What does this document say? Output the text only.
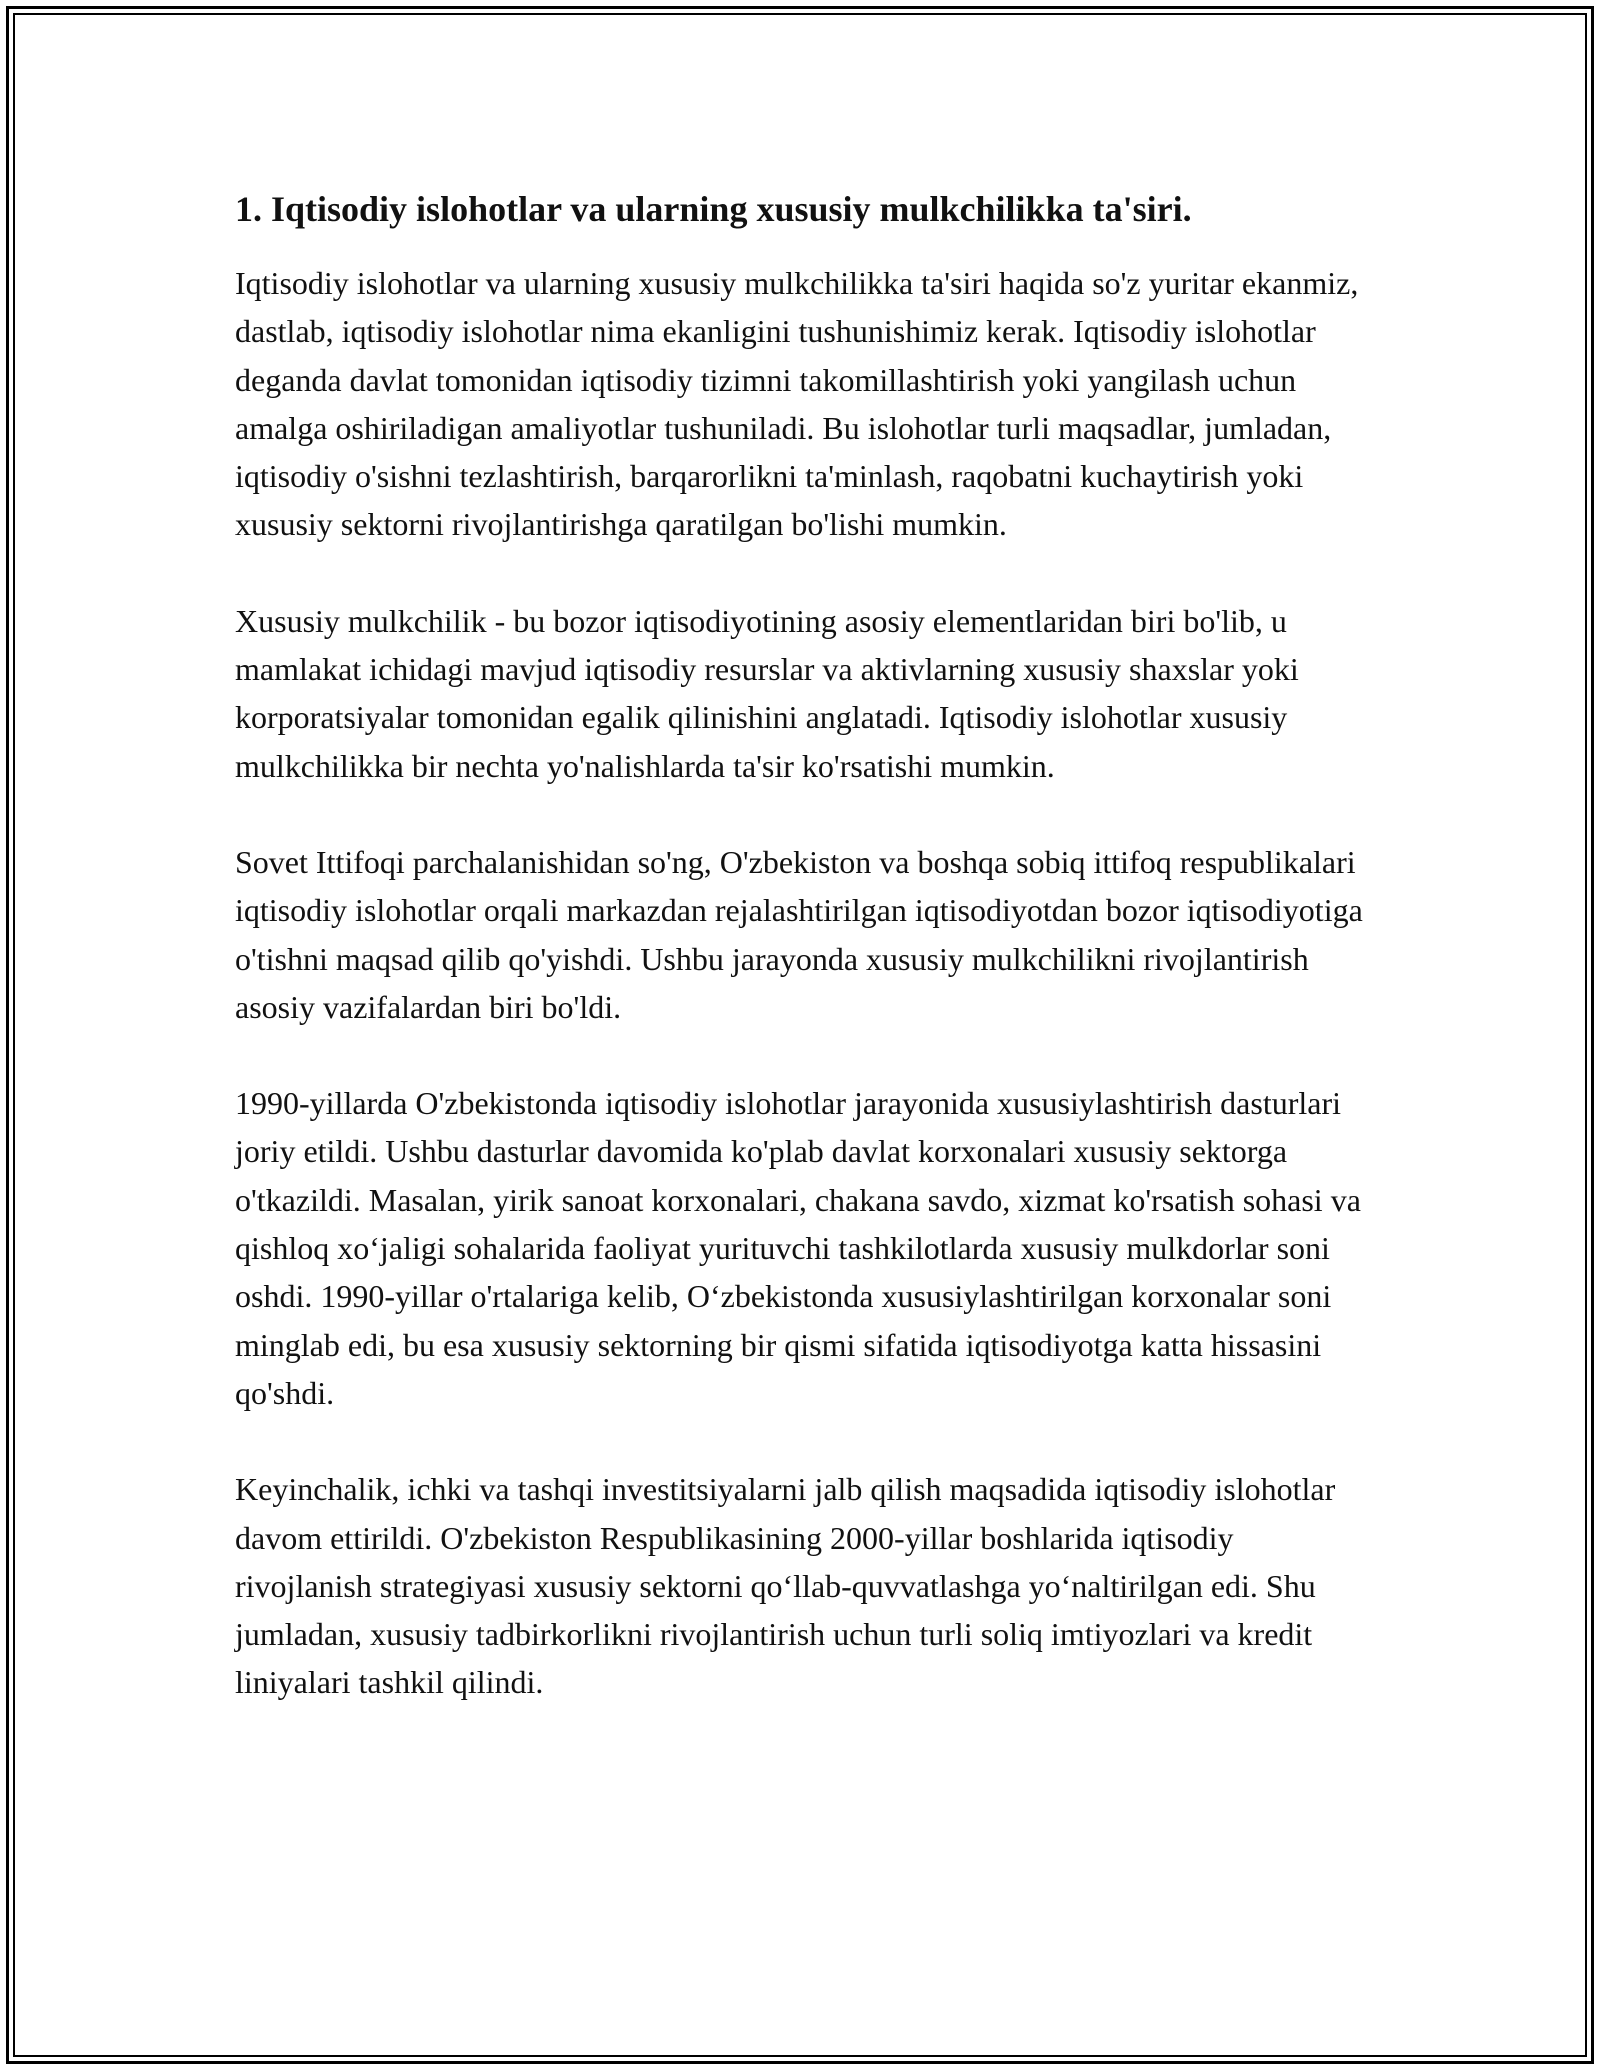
1. Iqtisodiy islohotlar va ularning xususiy mulkchilikka ta'siri.

Iqtisodiy islohotlar va ularning xususiy mulkchilikka ta'siri haqida so'z yuritar ekanmiz, dastlab, iqtisodiy islohotlar nima ekanligini tushunishimiz kerak. Iqtisodiy islohotlar deganda davlat tomonidan iqtisodiy tizimni takomillashtirish yoki yangilash uchun amalga oshiriladigan amaliyotlar tushuniladi. Bu islohotlar turli maqsadlar, jumladan, iqtisodiy o'sishni tezlashtirish, barqarorlikni ta'minlash, raqobatni kuchaytirish yoki xususiy sektorni rivojlantirishga qaratilgan bo'lishi mumkin.

Xususiy mulkchilik - bu bozor iqtisodiyotining asosiy elementlaridan biri bo'lib, u mamlakat ichidagi mavjud iqtisodiy resurslar va aktivlarning xususiy shaxslar yoki korporatsiyalar tomonidan egalik qilinishini anglatadi. Iqtisodiy islohotlar xususiy mulkchilikka bir nechta yo'nalishlarda ta'sir ko'rsatishi mumkin.

Sovet Ittifoqi parchalanishidan so'ng, O'zbekiston va boshqa sobiq ittifoq respublikalari iqtisodiy islohotlar orqali markazdan rejalashtirilgan iqtisodiyotdan bozor iqtisodiyotiga o'tishni maqsad qilib qo'yishdi. Ushbu jarayonda xususiy mulkchilikni rivojlantirish asosiy vazifalardan biri bo'ldi.

1990-yillarda O'zbekistonda iqtisodiy islohotlar jarayonida xususiylashtirish dasturlari joriy etildi. Ushbu dasturlar davomida ko'plab davlat korxonalari xususiy sektorga o'tkazildi. Masalan, yirik sanoat korxonalari, chakana savdo, xizmat ko'rsatish sohasi va qishloq xo‘jaligi sohalarida faoliyat yurituvchi tashkilotlarda xususiy mulkdorlar soni oshdi. 1990-yillar o'rtalariga kelib, O‘zbekistonda xususiylashtirilgan korxonalar soni minglab edi, bu esa xususiy sektorning bir qismi sifatida iqtisodiyotga katta hissasini qo'shdi.

Keyinchalik, ichki va tashqi investitsiyalarni jalb qilish maqsadida iqtisodiy islohotlar davom ettirildi. O'zbekiston Respublikasining 2000-yillar boshlarida iqtisodiy rivojlanish strategiyasi xususiy sektorni qo‘llab-quvvatlashga yo‘naltirilgan edi. Shu jumladan, xususiy tadbirkorlikni rivojlantirish uchun turli soliq imtiyozlari va kredit liniyalari tashkil qilindi.
